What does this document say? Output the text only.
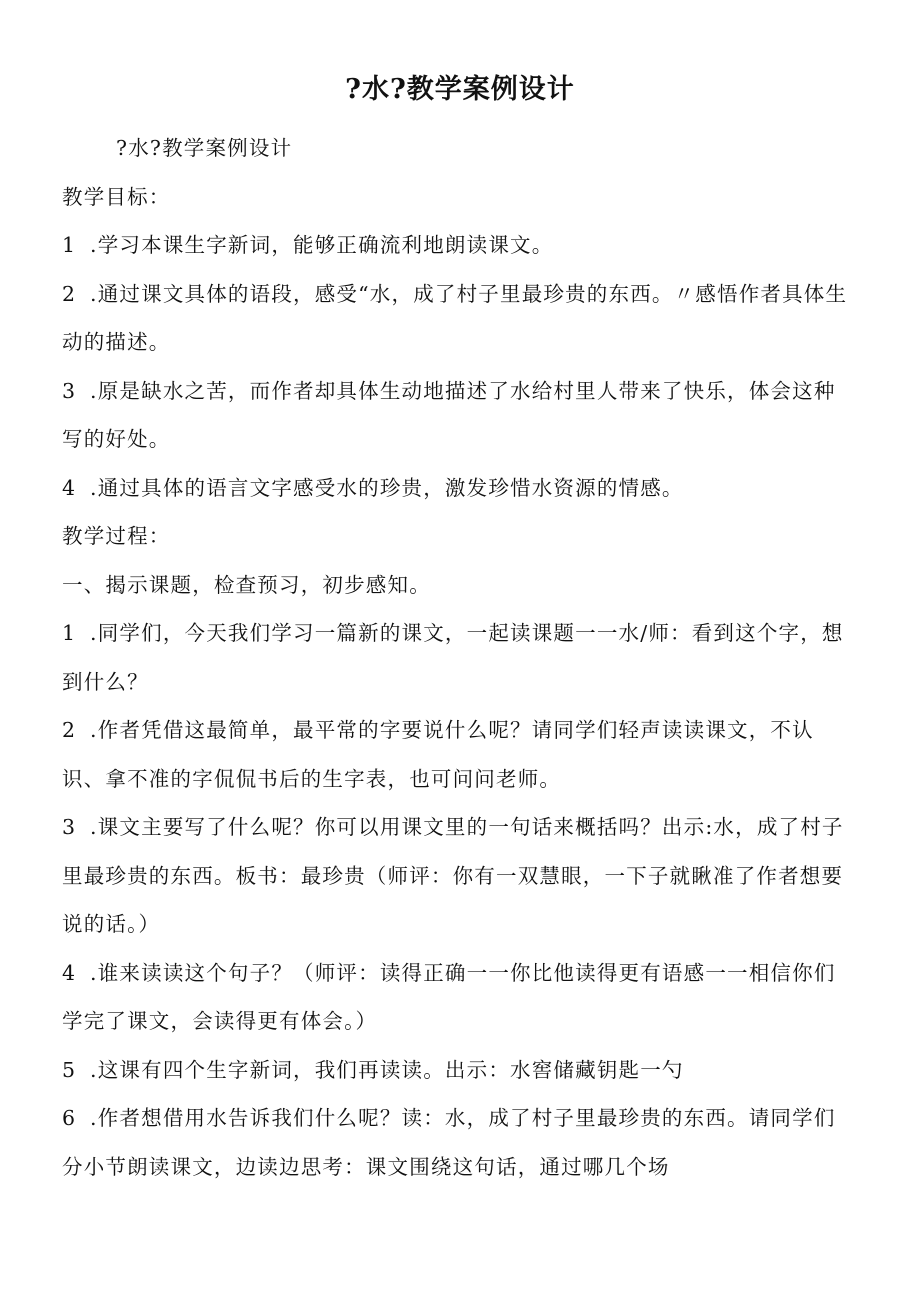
?水?教学案例设计

?水?教学案例设计

教学目标：

1 .学习本课生字新词，能够正确流利地朗读课文。

2 .通过课文具体的语段，感受“水，成了村子里最珍贵的东西。〃感悟作者具体生动的描述。

3 .原是缺水之苦，而作者却具体生动地描述了水给村里人带来了快乐，体会这种写的好处。

4 .通过具体的语言文字感受水的珍贵，激发珍惜水资源的情感。

教学过程：

一、揭示课题，检查预习，初步感知。

1 .同学们，今天我们学习一篇新的课文，一起读课题一一水/师：看到这个字，想到什么？

2 .作者凭借这最简单，最平常的字要说什么呢？请同学们轻声读读课文，不认识、拿不准的字侃侃书后的生字表，也可问问老师。

3 .课文主要写了什么呢？你可以用课文里的一句话来概括吗？出示:水，成了村子里最珍贵的东西。板书：最珍贵（师评：你有一双慧眼，一下子就瞅准了作者想要说的话。）

4 .谁来读读这个句子？（师评：读得正确一一你比他读得更有语感一一相信你们学完了课文，会读得更有体会。）

5 .这课有四个生字新词，我们再读读。出示：水窖储藏钥匙一勺

6 .作者想借用水告诉我们什么呢？读：水，成了村子里最珍贵的东西。请同学们分小节朗读课文，边读边思考：课文围绕这句话，通过哪几个场
